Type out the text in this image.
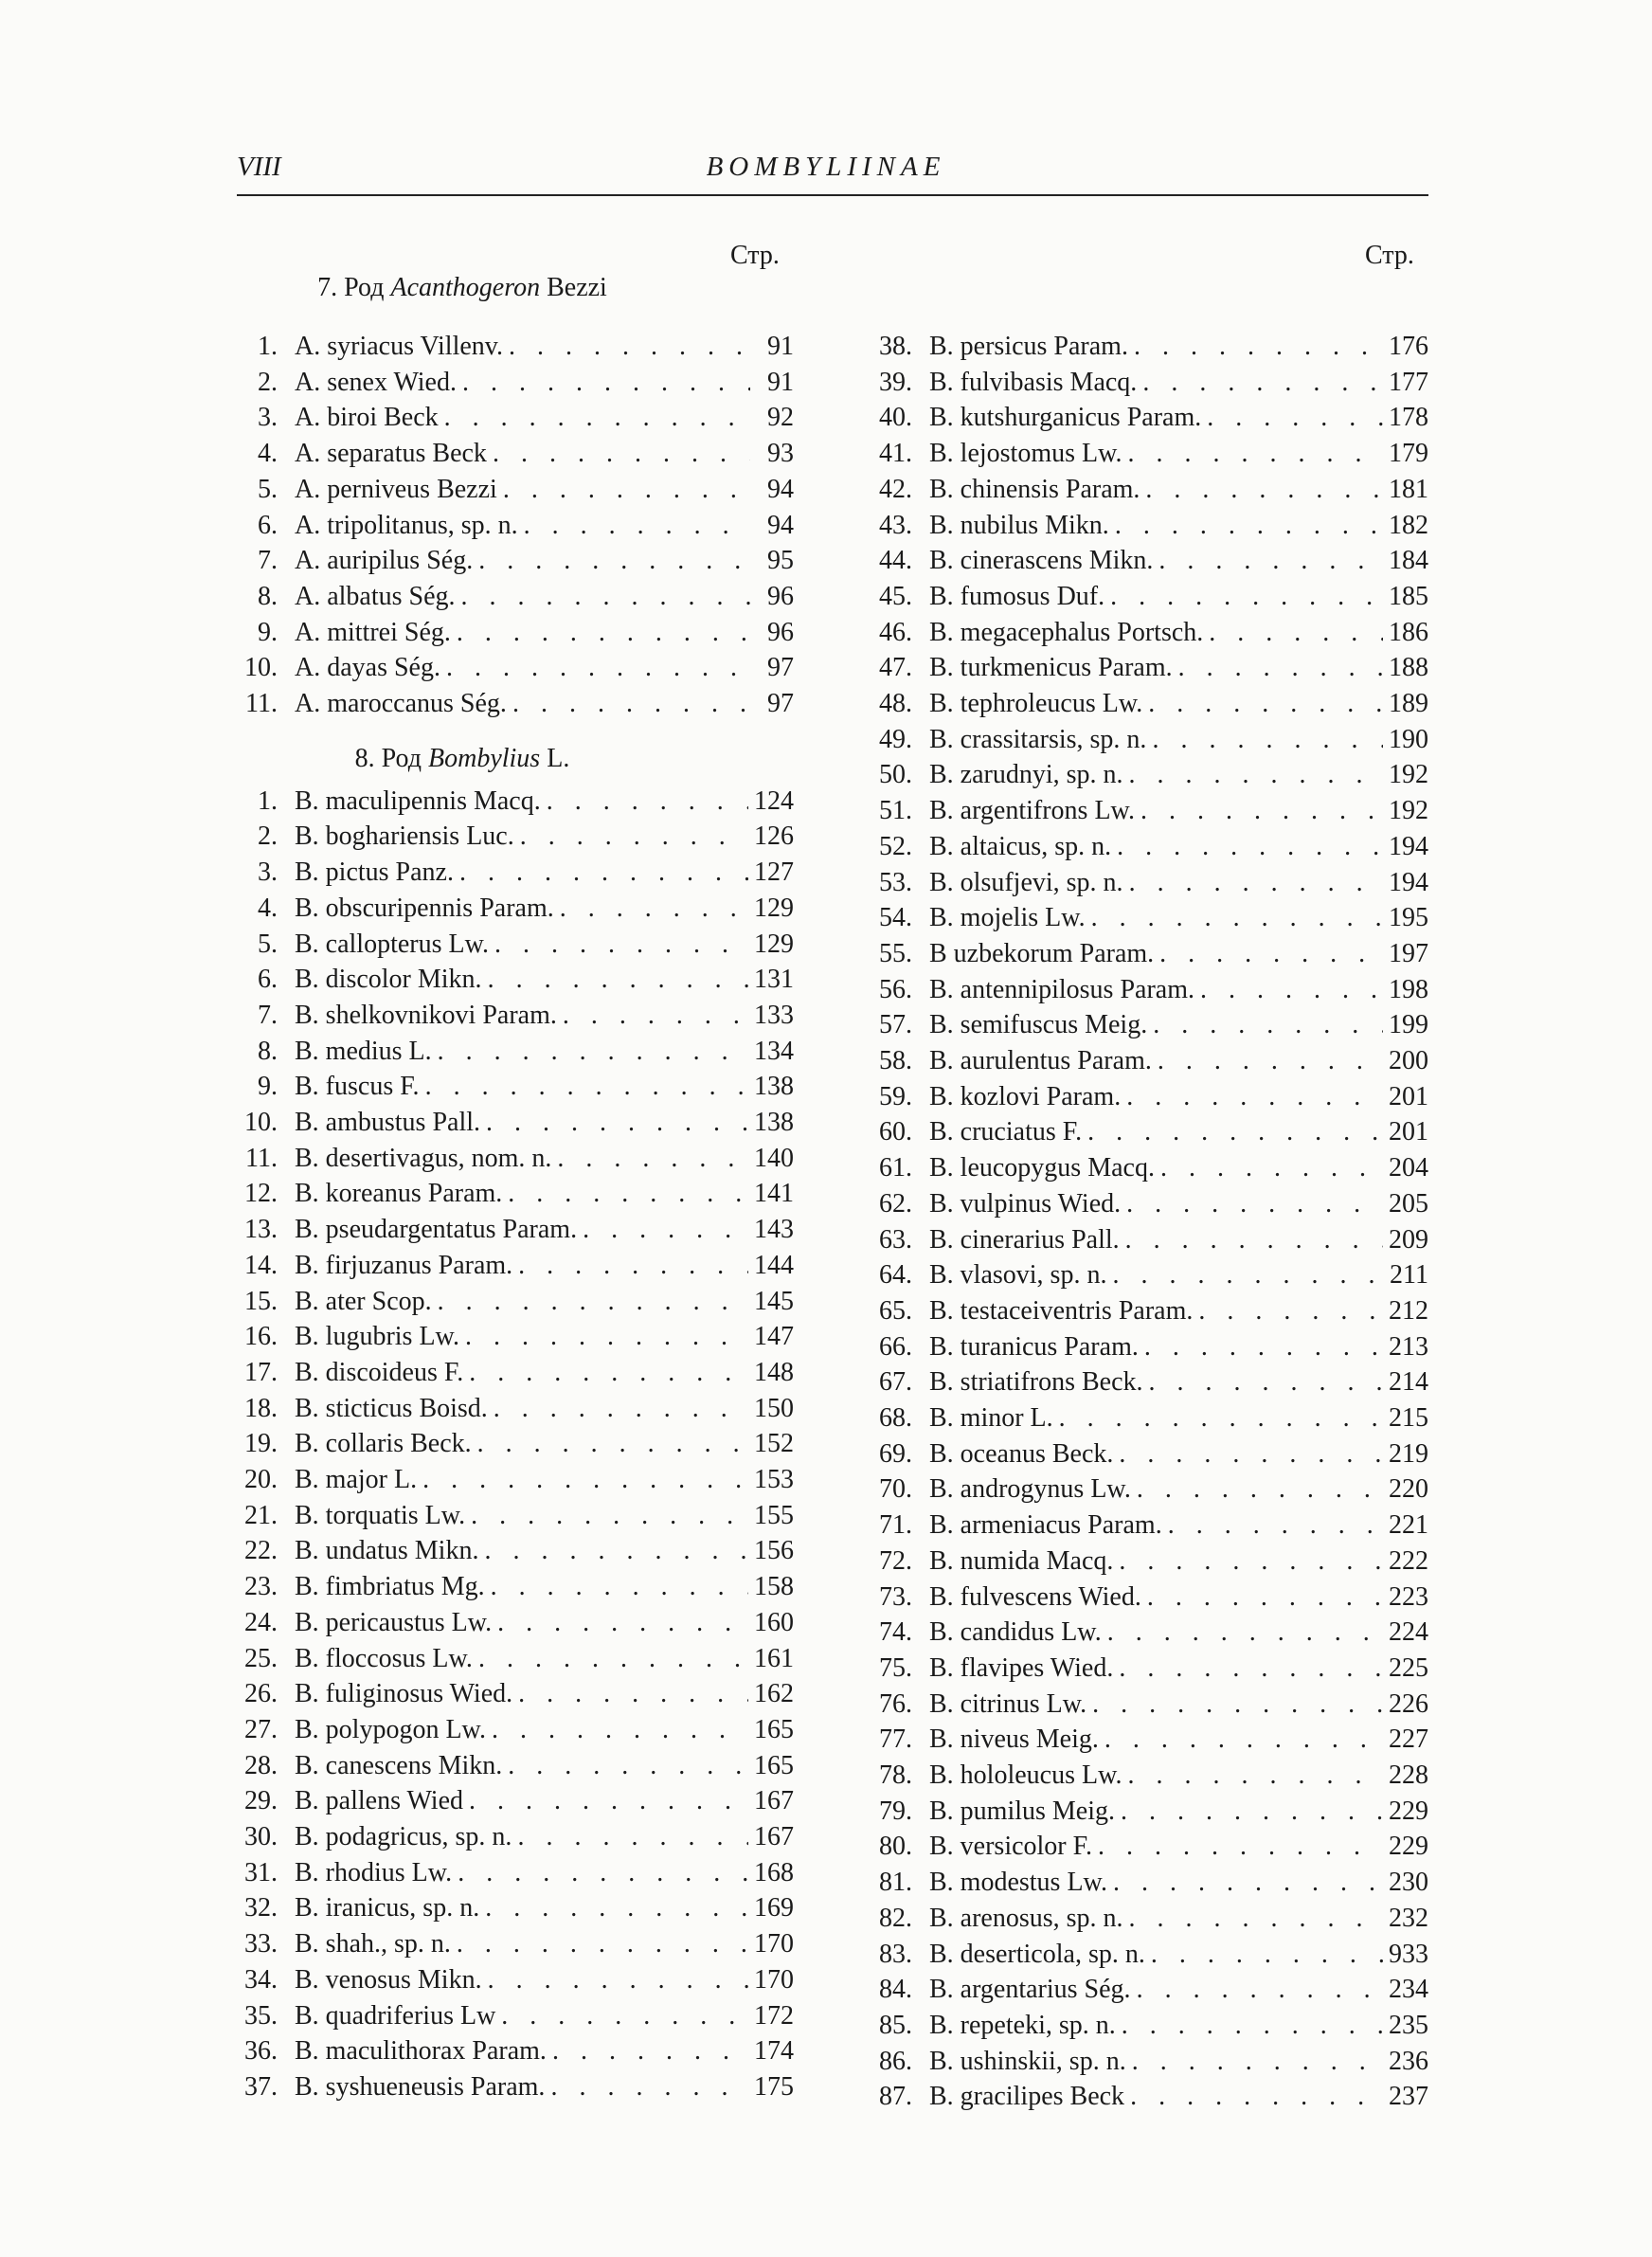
VIII	BOMBYLIINAE
Стр.
7. Род Acanthogeron Bezzi
1. A. syriacus Villenv. . . .	91
2. A. senex Wied. . . .	91
3. A. biroi Beck . . .	92
4. A. separatus Beck . . .	93
5. A. perniveus Bezzi . . .	94
6. A. tripolitanus, sp. n. . . .	94
7. A. auripilus Ség. . . .	95
8. A. albatus Ség. . . .	96
9. A. mittrei Ség. . . .	96
10. A. dayas Ség. . . .	97
11. A. maroccanus Ség. . . .	97
8. Род Bombylius L.
1. B. maculipennis Macq. . . .	124
2. B. boghariensis Luc. . . .	126
3. B. pictus Panz. . . .	127
4. B. obscuripennis Param. . . .	129
5. B. callopterus Lw. . . .	129
6. B. discolor Mikn. . . .	131
7. B. shelkovnikovi Param. . . .	133
8. B. medius L. . . .	134
9. B. fuscus F. . . .	138
10. B. ambustus Pall. . . .	138
11. B. desertivagus, nom. n. . . .	140
12. B. koreanus Param. . . .	141
13. B. pseudargentatus Param. . . .	143
14. B. firjuzanus Param. . . .	144
15. B. ater Scop. . . .	145
16. B. lugubris Lw. . . .	147
17. B. discoideus F. . . .	148
18. B. sticticus Boisd. . . .	150
19. B. collaris Beck. . . .	152
20. B. major L. . . .	153
21. B. torquatis Lw. . . .	155
22. B. undatus Mikn. . . .	156
23. B. fimbriatus Mg. . . .	158
24. B. pericaustus Lw. . . .	160
25. B. floccosus Lw. . . .	161
26. B. fuliginosus Wied. . . .	162
27. B. polypogon Lw. . . .	165
28. B. canescens Mikn. . . .	165
29. B. pallens Wied . . .	167
30. B. podagricus, sp. n. . . .	167
31. B. rhodius Lw. . . .	168
32. B. iranicus, sp. n. . . .	169
33. B. shah., sp. n. . . .	170
34. B. venosus Mikn. . . .	170
35. B. quadriferius Lw . . .	172
36. B. maculithorax Param. . . .	174
37. B. syshueneusis Param. . . .	175
Стр.
38. B. persicus Param. . . .	176
39. B. fulvibasis Macq. . . .	177
40. B. kutshurganicus Param. . . .	178
41. B. lejostomus Lw. . . .	179
42. B. chinensis Param. . . .	181
43. B. nubilus Mikn. . . .	182
44. B. cinerascens Mikn. . . .	184
45. B. fumosus Duf. . . .	185
46. B. megacephalus Portsch. . . .	186
47. B. turkmenicus Param. . . .	188
48. B. tephroleucus Lw. . . .	189
49. B. crassitarsis, sp. n. . . .	190
50. B. zarudnyi, sp. n. . . .	192
51. B. argentifrons Lw. . . .	192
52. B. altaicus, sp. n. . . .	194
53. B. olsufjevi, sp. n. . . .	194
54. B. mojelis Lw. . . .	195
55. B uzbekorum Param. . . .	197
56. B. antennipilosus Param. . . .	198
57. B. semifuscus Meig. . . .	199
58. B. aurulentus Param. . . .	200
59. B. kozlovi Param. . . .	201
60. B. cruciatus F. . . .	201
61. B. leucopygus Macq. . . .	204
62. B. vulpinus Wied. . . .	205
63. B. cinerarius Pall. . . .	209
64. B. vlasovi, sp. n. . . .	211
65. B. testaceiventris Param. . . .	212
66. B. turanicus Param. . . .	213
67. B. striatifrons Beck. . . .	214
68. B. minor L. . . .	215
69. B. oceanus Beck. . . .	219
70. B. androgynus Lw. . . .	220
71. B. armeniacus Param. . . .	221
72. B. numida Macq. . . .	222
73. B. fulvescens Wied. . . .	223
74. B. candidus Lw. . . .	224
75. B. flavipes Wied. . . .	225
76. B. citrinus Lw. . . .	226
77. B. niveus Meig. . . .	227
78. B. hololeucus Lw. . . .	228
79. B. pumilus Meig. . . .	229
80. B. versicolor F. . . .	229
81. B. modestus Lw. . . .	230
82. B. arenosus, sp. n. . . .	232
83. B. deserticola, sp. n. . . .	933
84. B. argentarius Ség. . . .	234
85. B. repeteki, sp. n. . . .	235
86. B. ushinskii, sp. n. . . .	236
87. B. gracilipes Beck . . .	237
